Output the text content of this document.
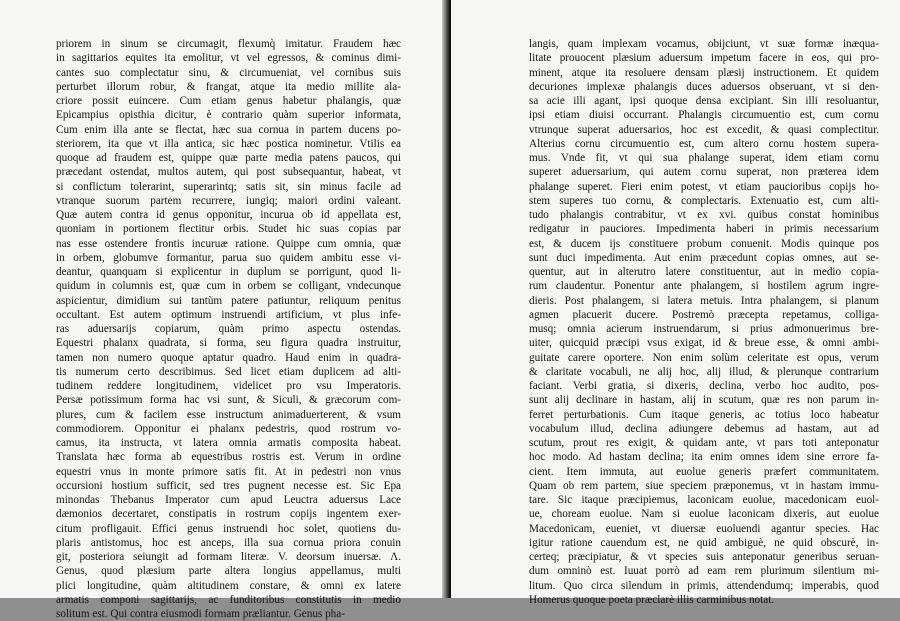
priorem in sinum se circumagit, flexumq̀ imitatur. Fraudem hæc
in sagittarios equites ita emolitur, vt vel egressos, & cominus dimi-
cantes suo complectatur sinu, & circumueniat, vel cornibus suis
perturbet illorum robur, & frangat, atque ita medio millite ala-
criore possit euincere. Cum etiam genus habetur phalangis, quæ
Epicampius opisthia dicitur, è contrario quàm superior informata,
Cum enim illa ante se flectat, hæc sua cornua in partem ducens po-
steriorem, ita que vt illa antica, sic hæc postica nominetur. Vtilis ea
quoque ad fraudem est, quippe quæ parte media patens paucos, qui
præcedant ostendat, multos autem, qui post subsequantur, habeat, vt
si conflictum tolerarint, superarintq; satis sit, sin minus facile ad
vtranque suorum partem recurrere, iungiq; maiori ordini valeant.
Quæ autem contra id genus opponitur, incurua ob id appellata est,
quoniam in portionem flectitur orbis. Studet hic suas copias par
nas esse ostendere frontis incuruæ ratione. Quippe cum omnia, quæ
in orbem, globumve formantur, parua suo quidem ambitu esse vi-
deantur, quanquam si explicentur in duplum se porrigunt, quod li-
quidum in columnis est, quæ cum in orbem se colligant, vndecunque
aspicientur, dimidium sui tantùm patere patiuntur, reliquum penitus
occultant. Est autem optimum instruendi artificium, vt plus infe-
ras aduersarijs copiarum, quàm primo aspectu ostendas.
Equestri phalanx quadrata, si forma, seu figura quadra instruitur,
tamen non numero quoque aptatur quadro. Haud enim in quadra-
tis numerum certo describimus. Sed licet etiam duplicem ad alti-
tudinem reddere longitudinem, videlicet pro vsu Imperatoris.
Persæ potissimum forma hac vsi sunt, & Siculi, & græcorum com-
plures, cum & facilem esse instructum animaduerterent, & vsum
commodiorem. Opponitur ei phalanx pedestris, quod rostrum vo-
camus, ita instructa, vt latera omnia armatis composita habeat.
Translata hæc forma ab equestribus rostris est. Verum in ordine
equestri vnus in monte primore satis fit. At in pedestri non vnus
occursioni hostium sufficit, sed tres pugnent necesse est. Sic Epa
minondas Thebanus Imperator cum apud Leuctra aduersus Lace
dæmonios decertaret, constipatis in rostrum copijs ingentem exer-
citum profligauit. Effici genus instruendi hoc solet, quotiens du-
plaris antistomus, hoc est anceps, illa sua cornua priora conuin
git, posteriora seiungit ad formam literæ. V. deorsum inuersæ. Λ.
Genus, quod plæsium parte altera longius appellamus, multi
plici longitudine, quàm altitudinem constare, & omni ex latere
armatis componi sagittarijs, ac funditoribus constitutis in medio
solitum est. Qui contra eiusmodi formam præliantur. Genus pha-
langis, quam implexam vocamus, obijciunt, vt suæ formæ inæqua-
litate prouocent plæsium aduersum impetum facere in eos, qui pro-
minent, atque ita resoluere densam plæsij instructionem. Et quidem
decuriones implexæ phalangis duces aduersos obseruant, vt si den-
sa acie illi agant, ipsi quoque densa excipiant. Sin illi resoluantur,
ipsi etiam diuisi occurrant. Phalangis circumuentio est, cum cornu
vtrunque superat aduersarios, hoc est excedit, & quasi complectitur.
Alterius cornu circumuentio est, cum altero cornu hostem supera-
mus. Vnde fit, vt qui sua phalange superat, idem etiam cornu
superet aduersarium, qui autem cornu superat, non præterea idem
phalange superet. Fieri enim potest, vt etiam paucioribus copijs ho-
stem superes tuo cornu, & complectaris. Extenuatio est, cum alti-
tudo phalangis contrabitur, vt ex xvi. quibus constat hominibus
redigatur in pauciores. Impedimenta haberi in primis necessarium
est, & ducem ijs constituere probum conuenit. Modis quinque pos
sunt duci impedimenta. Aut enim præcedunt copias omnes, aut se-
quentur, aut in alterutro latere constituentur, aut in medio copia-
rum claudentur. Ponentur ante phalangem, si hostilem agrum ingre-
dieris. Post phalangem, si latera metuis. Intra phalangem, si planum
agmen placuerit ducere. Postremò præcepta repetamus, colliga-
musq; omnia acierum instruendarum, si prius admonuerimus bre-
uiter, quicquid præcipi vsus exigat, id & breue esse, & omni ambi-
guitate carere oportere. Non enim solùm celeritate est opus, verum
& claritate vocabuli, ne alij hoc, alij illud, & plerunque contrarium
faciant. Verbi gratia, si dixeris, declina, verbo hoc audito, pos-
sunt alij declinare in hastam, alij in scutum, quæ res non parum in-
ferret perturbationis. Cum itaque generis, ac totius loco habeatur
vocabulum illud, declina adiungere debemus ad hastam, aut ad
scutum, prout res exigit, & quidam ante, vt pars toti anteponatur
hoc modo. Ad hastam declina; ita enim omnes idem sine errore fa-
cient. Item immuta, aut euolue generis præfert communitatem.
Quam ob rem partem, siue speciem præponemus, vt in hastam immu-
tare. Sic itaque præcipiemus, laconicam euolue, macedonicam euol-
ue, choream euolue. Nam si euolue laconicam dixeris, aut euolue
Macedonicam, eueniet, vt diuersæ euoluendi agantur species. Hac
igitur ratione cauendum est, ne quid ambiguè, ne quid obscurè, in-
certeq; præcipiatur, & vt species suis anteponatur generibus seruan-
dum omninò est. Iuuat porrò ad eam rem plurimum silentium mi-
litum. Quo circa silendum in primis, attendendumq; imperabis, quod
Homerus quoque poeta præclarè illis carminibus notat.
